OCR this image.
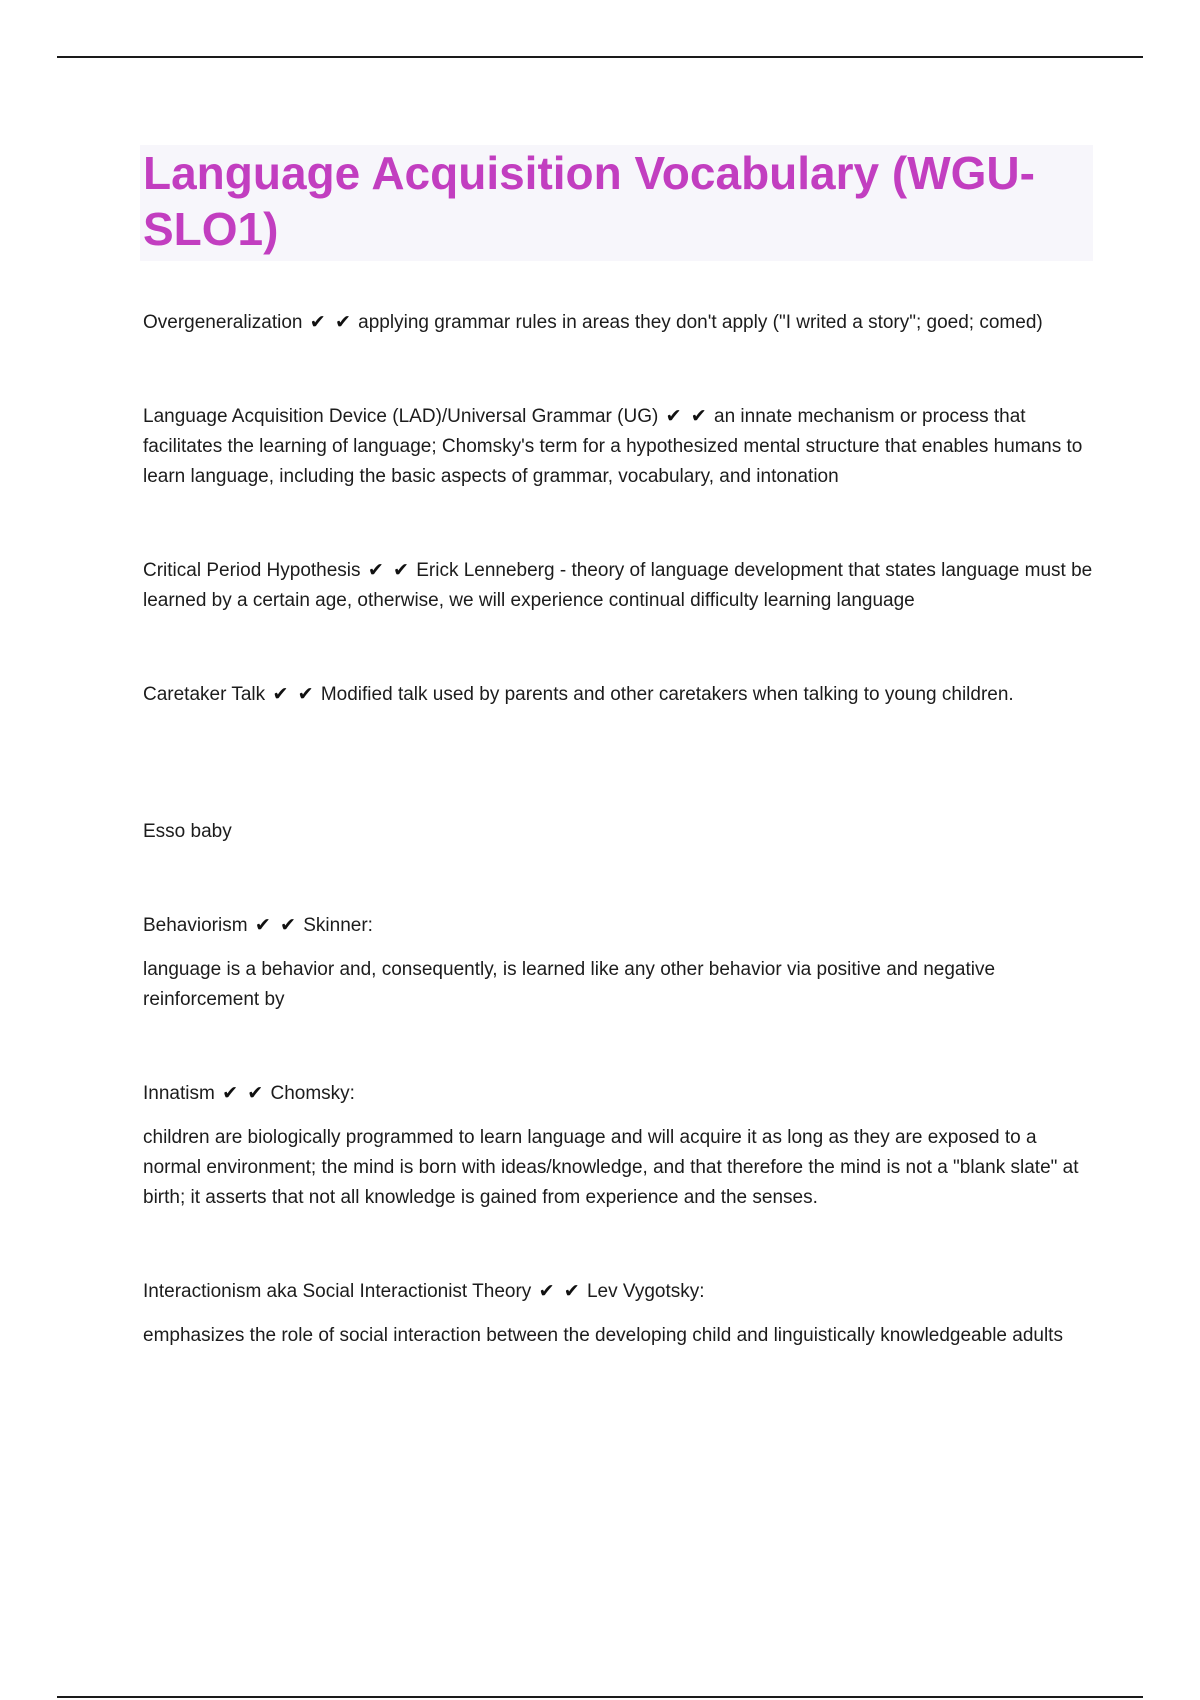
Language Acquisition Vocabulary (WGU-SLO1)

Overgeneralization ✔ ✔ applying grammar rules in areas they don't apply ("I writed a story"; goed; comed)

Language Acquisition Device (LAD)/Universal Grammar (UG) ✔ ✔ an innate mechanism or process that facilitates the learning of language; Chomsky's term for a hypothesized mental structure that enables humans to learn language, including the basic aspects of grammar, vocabulary, and intonation

Critical Period Hypothesis ✔ ✔ Erick Lenneberg - theory of language development that states language must be learned by a certain age, otherwise, we will experience continual difficulty learning language

Caretaker Talk ✔ ✔ Modified talk used by parents and other caretakers when talking to young children.

Esso baby

Behaviorism ✔ ✔ Skinner:

language is a behavior and, consequently, is learned like any other behavior via positive and negative reinforcement by

Innatism ✔ ✔ Chomsky:

children are biologically programmed to learn language and will acquire it as long as they are exposed to a normal environment; the mind is born with ideas/knowledge, and that therefore the mind is not a "blank slate" at birth; it asserts that not all knowledge is gained from experience and the senses.

Interactionism aka Social Interactionist Theory ✔ ✔ Lev Vygotsky:

emphasizes the role of social interaction between the developing child and linguistically knowledgeable adults
